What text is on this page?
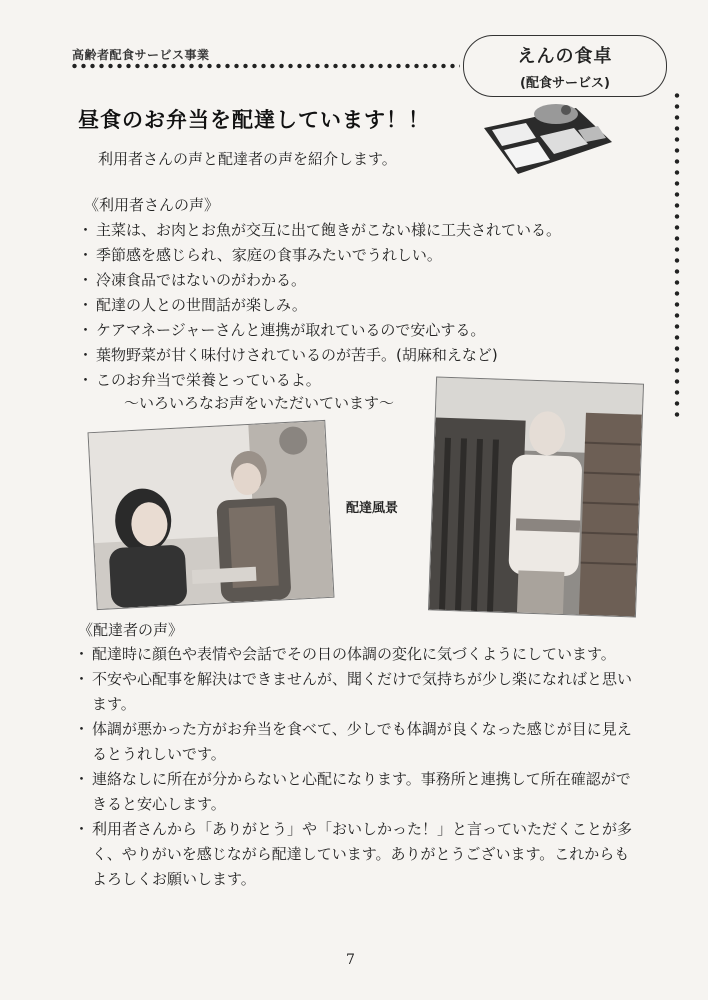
高齢者配食サービス事業	えんの食卓
(配食サービス)
昼食のお弁当を配達しています！！
利用者さんの声と配達者の声を紹介します。
《利用者さんの声》
・ 主菜は、お肉とお魚が交互に出て飽きがこない様に工夫されている。
・ 季節感を感じられ、家庭の食事みたいでうれしい。
・ 冷凍食品ではないのがわかる。
・ 配達の人との世間話が楽しみ。
・ ケアマネージャーさんと連携が取れているので安心する。
・ 葉物野菜が甘く味付けされているのが苦手。(胡麻和えなど)
・ このお弁当で栄養とっているよ。
～いろいろなお声をいただいています～
配達風景
《配達者の声》
・ 配達時に顔色や表情や会話でその日の体調の変化に気づくようにしています。
・ 不安や心配事を解決はできませんが、聞くだけで気持ちが少し楽になればと思います。
・ 体調が悪かった方がお弁当を食べて、少しでも体調が良くなった感じが目に見えるとうれしいです。
・ 連絡なしに所在が分からないと心配になります。事務所と連携して所在確認ができると安心します。
・ 利用者さんから「ありがとう」や「おいしかった！」と言っていただくことが多く、やりがいを感じながら配達しています。ありがとうございます。これからもよろしくお願いします。
7
